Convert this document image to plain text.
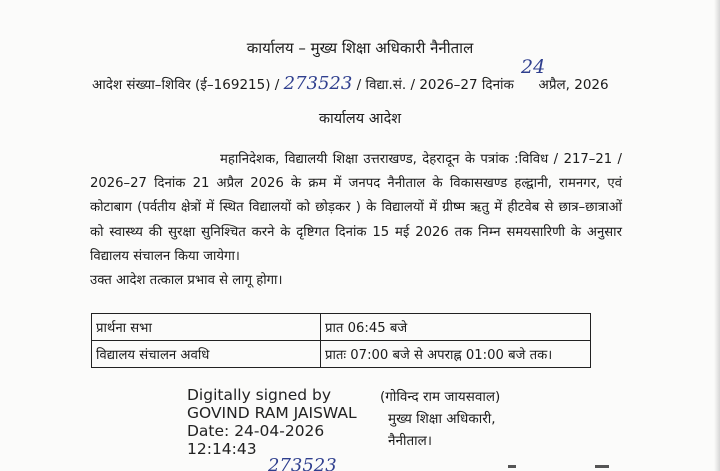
कार्यालय – मुख्य शिक्षा अधिकारी नैनीताल
आदेश संख्या–शिविर (ई–169215) / 273523 / विद्या.सं. / 2026–27 दिनांक अप्रैल, 2026
24
कार्यालय आदेश

महानिदेशक, विद्यालयी शिक्षा उत्तराखण्ड, देहरादून के पत्रांक :विविध / 217–21 / 2026–27 दिनांक 21 अप्रैल 2026 के क्रम में जनपद नैनीताल के विकासखण्ड हल्द्वानी, रामनगर, एवं कोटाबाग (पर्वतीय क्षेत्रों में स्थित विद्यालयों को छोड़कर ) के विद्यालयों में ग्रीष्म ऋतु में हीटवेब से छात्र–छात्राओं को स्वास्थ्य की सुरक्षा सुनिश्चित करने के दृष्टिगत दिनांक 15 मई 2026 तक निम्न समयसारिणी के अनुसार विद्यालय संचालन किया जायेगा।

उक्त आदेश तत्काल प्रभाव से लागू होगा।

प्रार्थना सभा	प्रात 06:45 बजे
विद्यालय संचालन अवधि	प्रातः 07:00 बजे से अपराह्न 01:00 बजे तक।
Digitally signed by
GOVIND RAM JAISWAL
Date: 24-04-2026
12:14:43
(गोविन्द राम जायसवाल)
मुख्य शिक्षा अधिकारी,
नैनीताल।
273523
